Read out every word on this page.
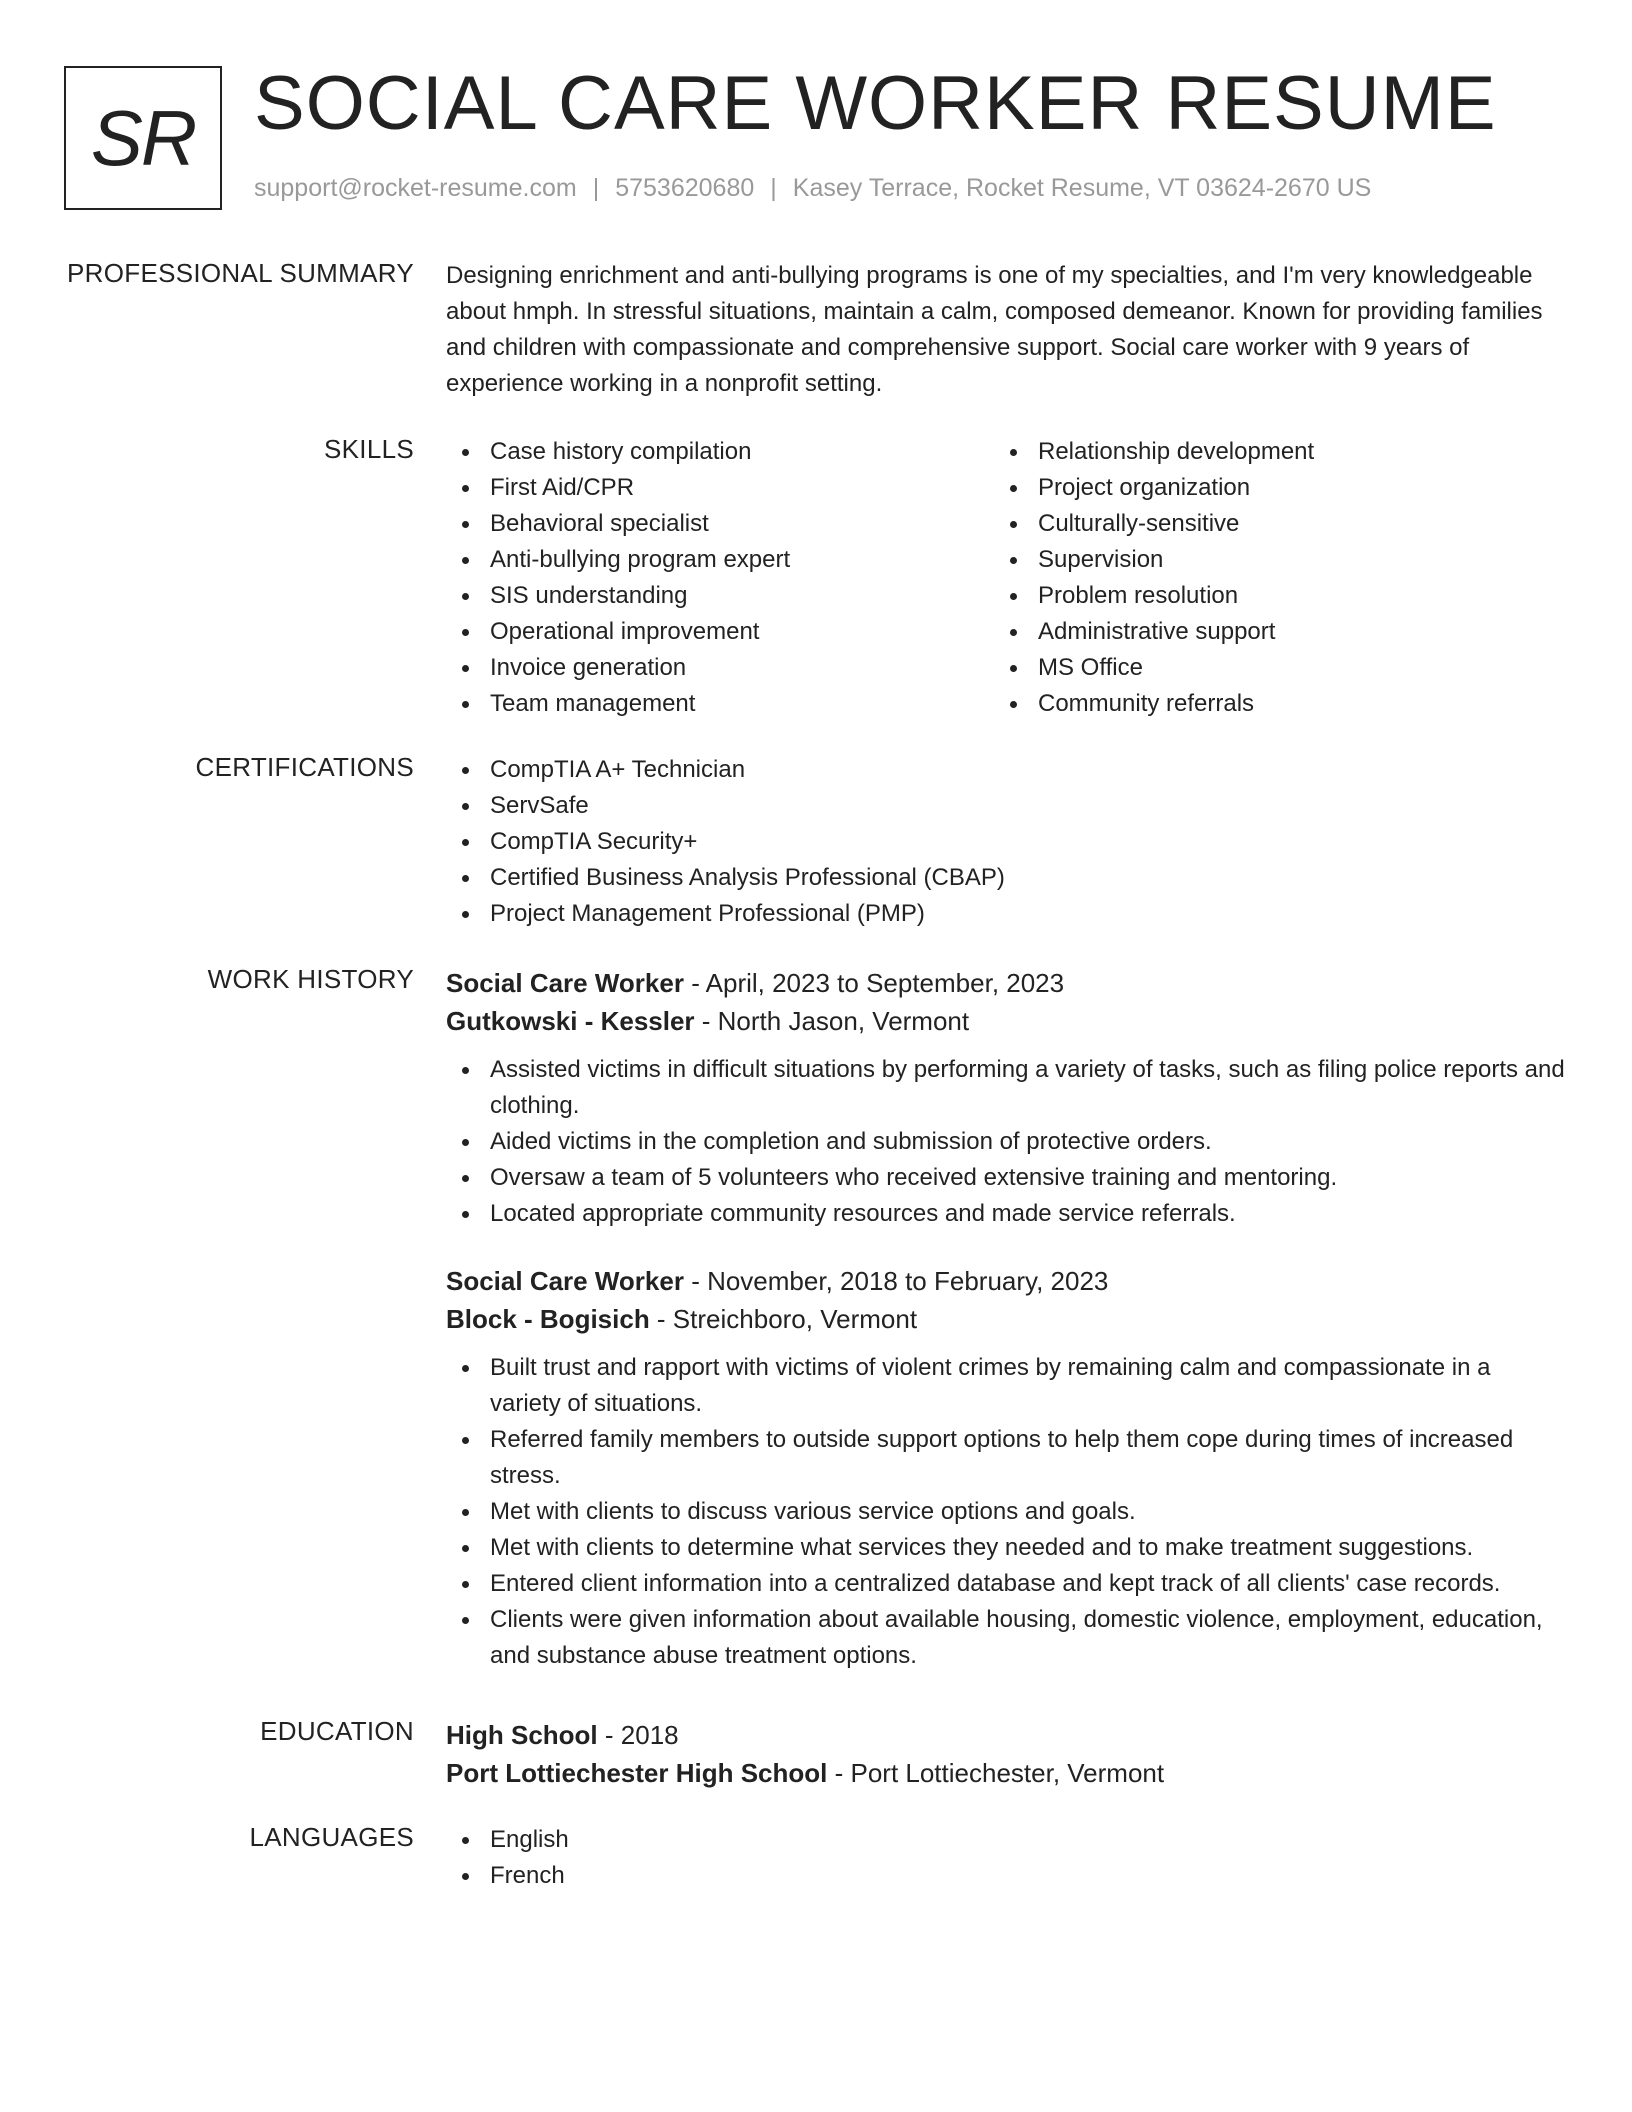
SR SOCIAL CARE WORKER RESUME
support@rocket-resume.com | 5753620680 | Kasey Terrace, Rocket Resume, VT 03624-2670 US
PROFESSIONAL SUMMARY Designing enrichment and anti-bullying programs is one of my specialties, and I'm very knowledgeable about hmph. In stressful situations, maintain a calm, composed demeanor. Known for providing families and children with compassionate and comprehensive support. Social care worker with 9 years of experience working in a nonprofit setting.

SKILLS	Case history compilation
First Aid/CPR
Behavioral specialist
Anti-bullying program expert
SIS understanding
Operational improvement
Invoice generation
Team management
Relationship development
Project organization
Culturally-sensitive
Supervision
Problem resolution
Administrative support
MS Office
Community referrals
CERTIFICATIONS	CompTIA A+ Technician
ServSafe
CompTIA Security+
Certified Business Analysis Professional (CBAP)
Project Management Professional (PMP)
WORK HISTORY Social Care Worker - April, 2023 to September, 2023
Gutkowski - Kessler - North Jason, Vermont
Assisted victims in difficult situations by performing a variety of tasks, such as filing police reports and clothing.
Aided victims in the completion and submission of protective orders.
Oversaw a team of 5 volunteers who received extensive training and mentoring.
Located appropriate community resources and made service referrals.
Social Care Worker - November, 2018 to February, 2023
Block - Bogisich - Streichboro, Vermont
Built trust and rapport with victims of violent crimes by remaining calm and compassionate in a variety of situations.
Referred family members to outside support options to help them cope during times of increased stress.
Met with clients to discuss various service options and goals.
Met with clients to determine what services they needed and to make treatment suggestions.
Entered client information into a centralized database and kept track of all clients' case records.
Clients were given information about available housing, domestic violence, employment, education, and substance abuse treatment options.
EDUCATION High School - 2018
Port Lottiechester High School - Port Lottiechester, Vermont
LANGUAGES	English
French
